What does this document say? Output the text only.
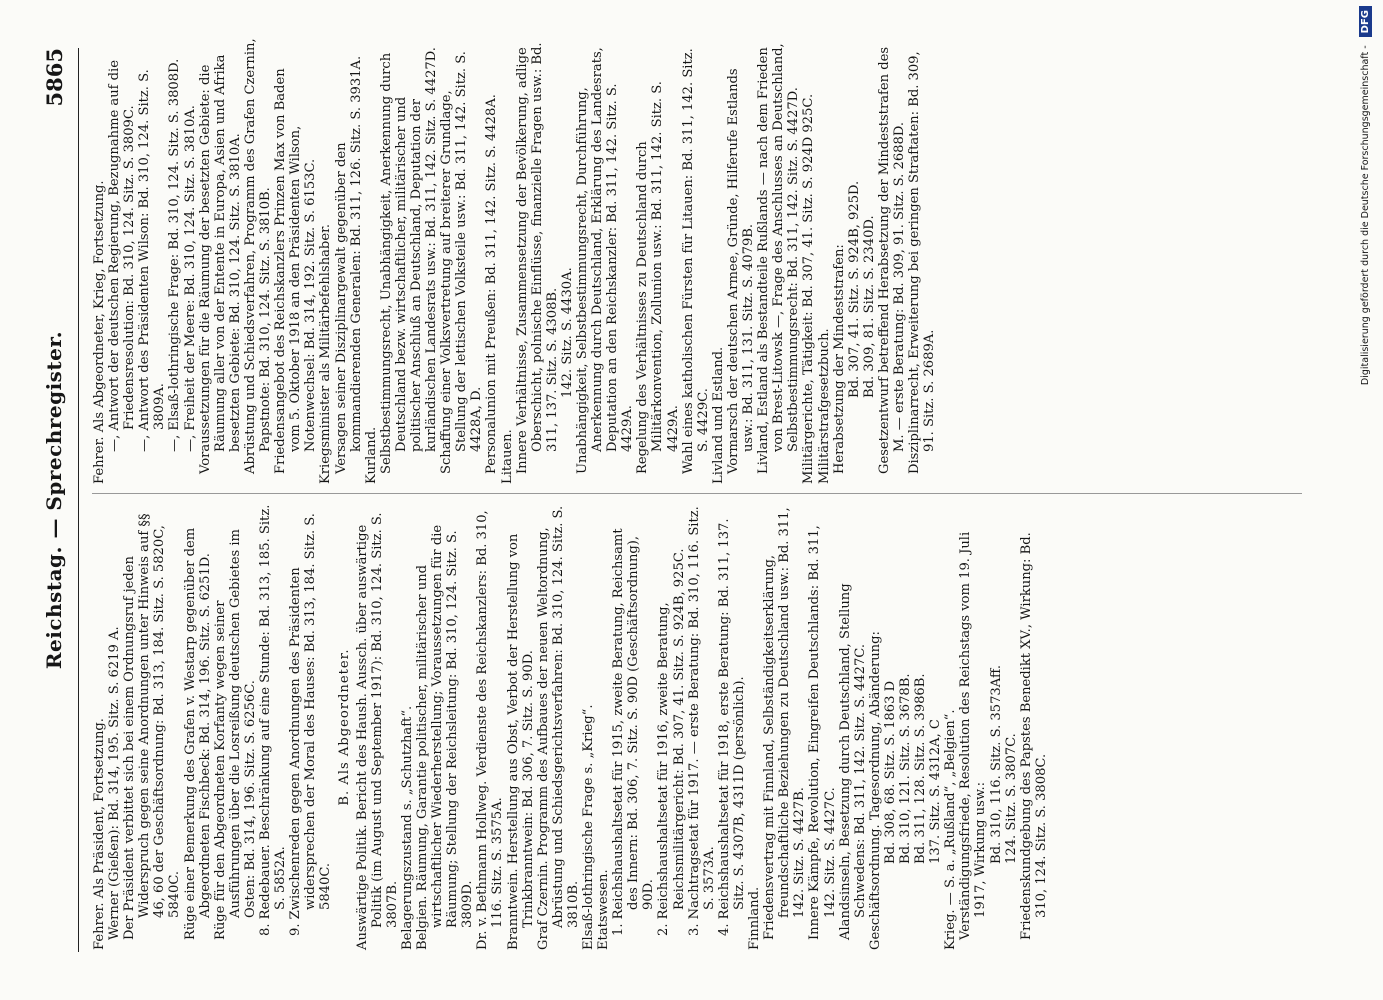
Reichstag. — Sprechregister.
5865
Fehrer. Als Präsident, Fortsetzung. Werner (Gießen): Bd. 314, 195. Sitz. S. 6219 A. Der Präsident verbittet sich bei einem Ordnungsruf jeden Widerspruch gegen seine Anordnungen unter Hinweis auf §§ 46, 60 der Geschäftsordnung: Bd. 313, 184. Sitz. S. 5820C, 5840C. Rüge einer Bemerkung des Grafen v. Westarp gegenüber dem Abgeordneten Fischbeck: Bd. 314, 196. Sitz. S. 6251D. Rüge für den Abgeordneten Korfanty wegen seiner Ausführungen über die Losreißung deutschen Gebietes im Osten: Bd. 314, 196. Sitz. S. 6256C. 8. Redebauer. Beschränkung auf eine Stunde: Bd. 313, 185. Sitz. S. 5852A. 9. Zwischenreden gegen Anordnungen des Präsidenten widersprechen der Moral des Hauses: Bd. 313, 184. Sitz. S. 5840C.
B. Als Abgeordneter. Auswärtige Politik. Bericht des Haush. Aussch. über auswärtige Politik (im August und September 1917): Bd. 310, 124. Sitz. S. 3807B. Belagerungszustand s. „Schutzhaft“. Belgien. Räumung, Garantie politischer, militärischer und wirtschaftlicher Wiederherstellung; Voraussetzungen für die Räumung; Stellung der Reichsleitung: Bd. 310, 124. Sitz. S. 3809D. Dr. v. Bethmann Hollweg. Verdienste des Reichskanzlers: Bd. 310, 116. Sitz. S. 3575A. Branntwein. Herstellung aus Obst, Verbot der Herstellung von Trinkbranntwein: Bd. 306, 7. Sitz. S. 90D. Graf Czernin. Programm des Aufbaues der neuen Weltordnung, Abrüstung und Schiedsgerichtsverfahren: Bd. 310, 124. Sitz. S. 3810B. Elsaß-lothringische Frage s. „Krieg“. Etatswesen. 1. Reichshaushaltsetat für 1915, zweite Beratung, Reichsamt des Innern: Bd. 306, 7. Sitz. S. 90D (Geschäftsordnung), 90D. 2. Reichshaushaltsetat für 1916, zweite Beratung, Reichsmilitärgericht: Bd. 307, 41. Sitz. S. 924B, 925C. 3. Nachtragsetat für 1917. — erste Beratung: Bd. 310, 116. Sitz. S. 3573A. 4. Reichshaushaltsetat für 1918, erste Beratung: Bd. 311, 137. Sitz. S. 4307B, 4311D (persönlich).
Finnland. Friedensvertrag mit Finnland, Selbständigkeitserklärung, freundschaftliche Beziehungen zu Deutschland usw.: Bd. 311, 142. Sitz. S. 4427B. Innere Kämpfe, Revolution, Eingreifen Deutschlands: Bd. 311, 142. Sitz. S. 4427C. Alandsinseln, Besetzung durch Deutschland, Stellung Schwedens: Bd. 311, 142. Sitz. S. 4427C. Geschäftsordnung. Tagesordnung, Abänderung: Bd. 308, 68. Sitz. S. 1863 D Bd. 310, 121. Sitz. S. 3678B. Bd. 311, 128. Sitz. S. 3986B. 137. Sitz. S. 4312A, C Krieg. — S. a. „Rußland“, „Belgien“. Verständigungsfriede, Resolution des Reichstags vom 19. Juli 1917, Wirkung usw.: Bd. 310, 116. Sitz. S. 3573Aff. 124. Sitz. S. 3807C. Friedenskundgebung des Papstes Benedikt XV., Wirkung: Bd. 310, 124. Sitz. S. 3808C.
Fehrer. Als Abgeordneter, Krieg, Fortsetzung. —, Antwort der deutschen Regierung, Bezugnahme auf die Friedensresolution: Bd. 310, 124. Sitz. S. 3809C. —, Antwort des Präsidenten Wilson: Bd. 310, 124. Sitz. S. 3809A. —, Elsaß-lothringische Frage: Bd. 310, 124. Sitz. S. 3808D. —, Freiheit der Meere: Bd. 310, 124. Sitz. S. 3810A. Voraussetzungen für die Räumung der besetzten Gebiete: die Räumung aller von der Entente in Europa, Asien und Afrika besetzten Gebiete: Bd. 310, 124. Sitz. S. 3810A. Abrüstung und Schiedsverfahren, Programm des Grafen Czernin, Papstnote: Bd. 310, 124. Sitz. S. 3810B. Friedensangebot des Reichskanzlers Prinzen Max von Baden vom 5. Oktober 1918 an den Präsidenten Wilson, Notenwechsel: Bd. 314, 192. Sitz. S. 6153C. Kriegsminister als Militärbefehlshaber. Versagen seiner Disziplinargewalt gegenüber den kommandierenden Generalen: Bd. 311, 126. Sitz. S. 3931A.
Kurland. Selbstbestimmungsrecht, Unabhängigkeit, Anerkennung durch Deutschland bezw. wirtschaftlicher, militärischer und politischer Anschluß an Deutschland, Deputation der kurländischen Landesrats usw.: Bd. 311, 142. Sitz. S. 4427D. Schaffung einer Volksvertretung auf breiterer Grundlage, Stellung der lettischen Volksteile usw.: Bd. 311, 142. Sitz. S. 4428A, D. Personalunion mit Preußen: Bd. 311, 142. Sitz. S. 4428A. Litauen. Innere Verhältnisse, Zusammensetzung der Bevölkerung, adlige Oberschicht, polnische Einflüsse, finanzielle Fragen usw.: Bd. 311, 137. Sitz. S. 4308B. 142. Sitz. S. 4430A. Unabhängigkeit, Selbstbestimmungsrecht, Durchführung, Anerkennung durch Deutschland, Erklärung des Landesrats, Deputation an den Reichskanzler: Bd. 311, 142. Sitz. S. 4429A. Regelung des Verhältnisses zu Deutschland durch Militärkonvention, Zollunion usw.: Bd. 311, 142. Sitz. S. 4429A. Wahl eines katholischen Fürsten für Litauen: Bd. 311, 142. Sitz. S. 4429C. Livland und Estland. Vormarsch der deutschen Armee, Gründe, Hilferufe Estlands usw.: Bd. 311, 131. Sitz. S. 4079B. Livland, Estland als Bestandteile Rußlands — nach dem Frieden von Brest-Litowsk —, Frage des Anschlusses an Deutschland, Selbstbestimmungsrecht: Bd. 311, 142. Sitz. S. 4427D. Militärgerichte, Tätigkeit: Bd. 307, 41. Sitz. S. 924D 925C. Militärstrafgesetzbuch. Herabsetzung der Mindeststrafen: Bd. 307, 41. Sitz. S. 924B, 925D. Bd. 309, 81. Sitz. S. 2340D. Gesetzentwurf betreffend Herabsetzung der Mindeststrafen des M. — erste Beratung: Bd. 309, 91. Sitz. S. 2688D. Disziplinarrecht, Erweiterung bei geringen Straftaten: Bd. 309, 91. Sitz. S. 2689A.
Digitalisierung gefördert durch die Deutsche Forschungsgemeinschaft -DFG
